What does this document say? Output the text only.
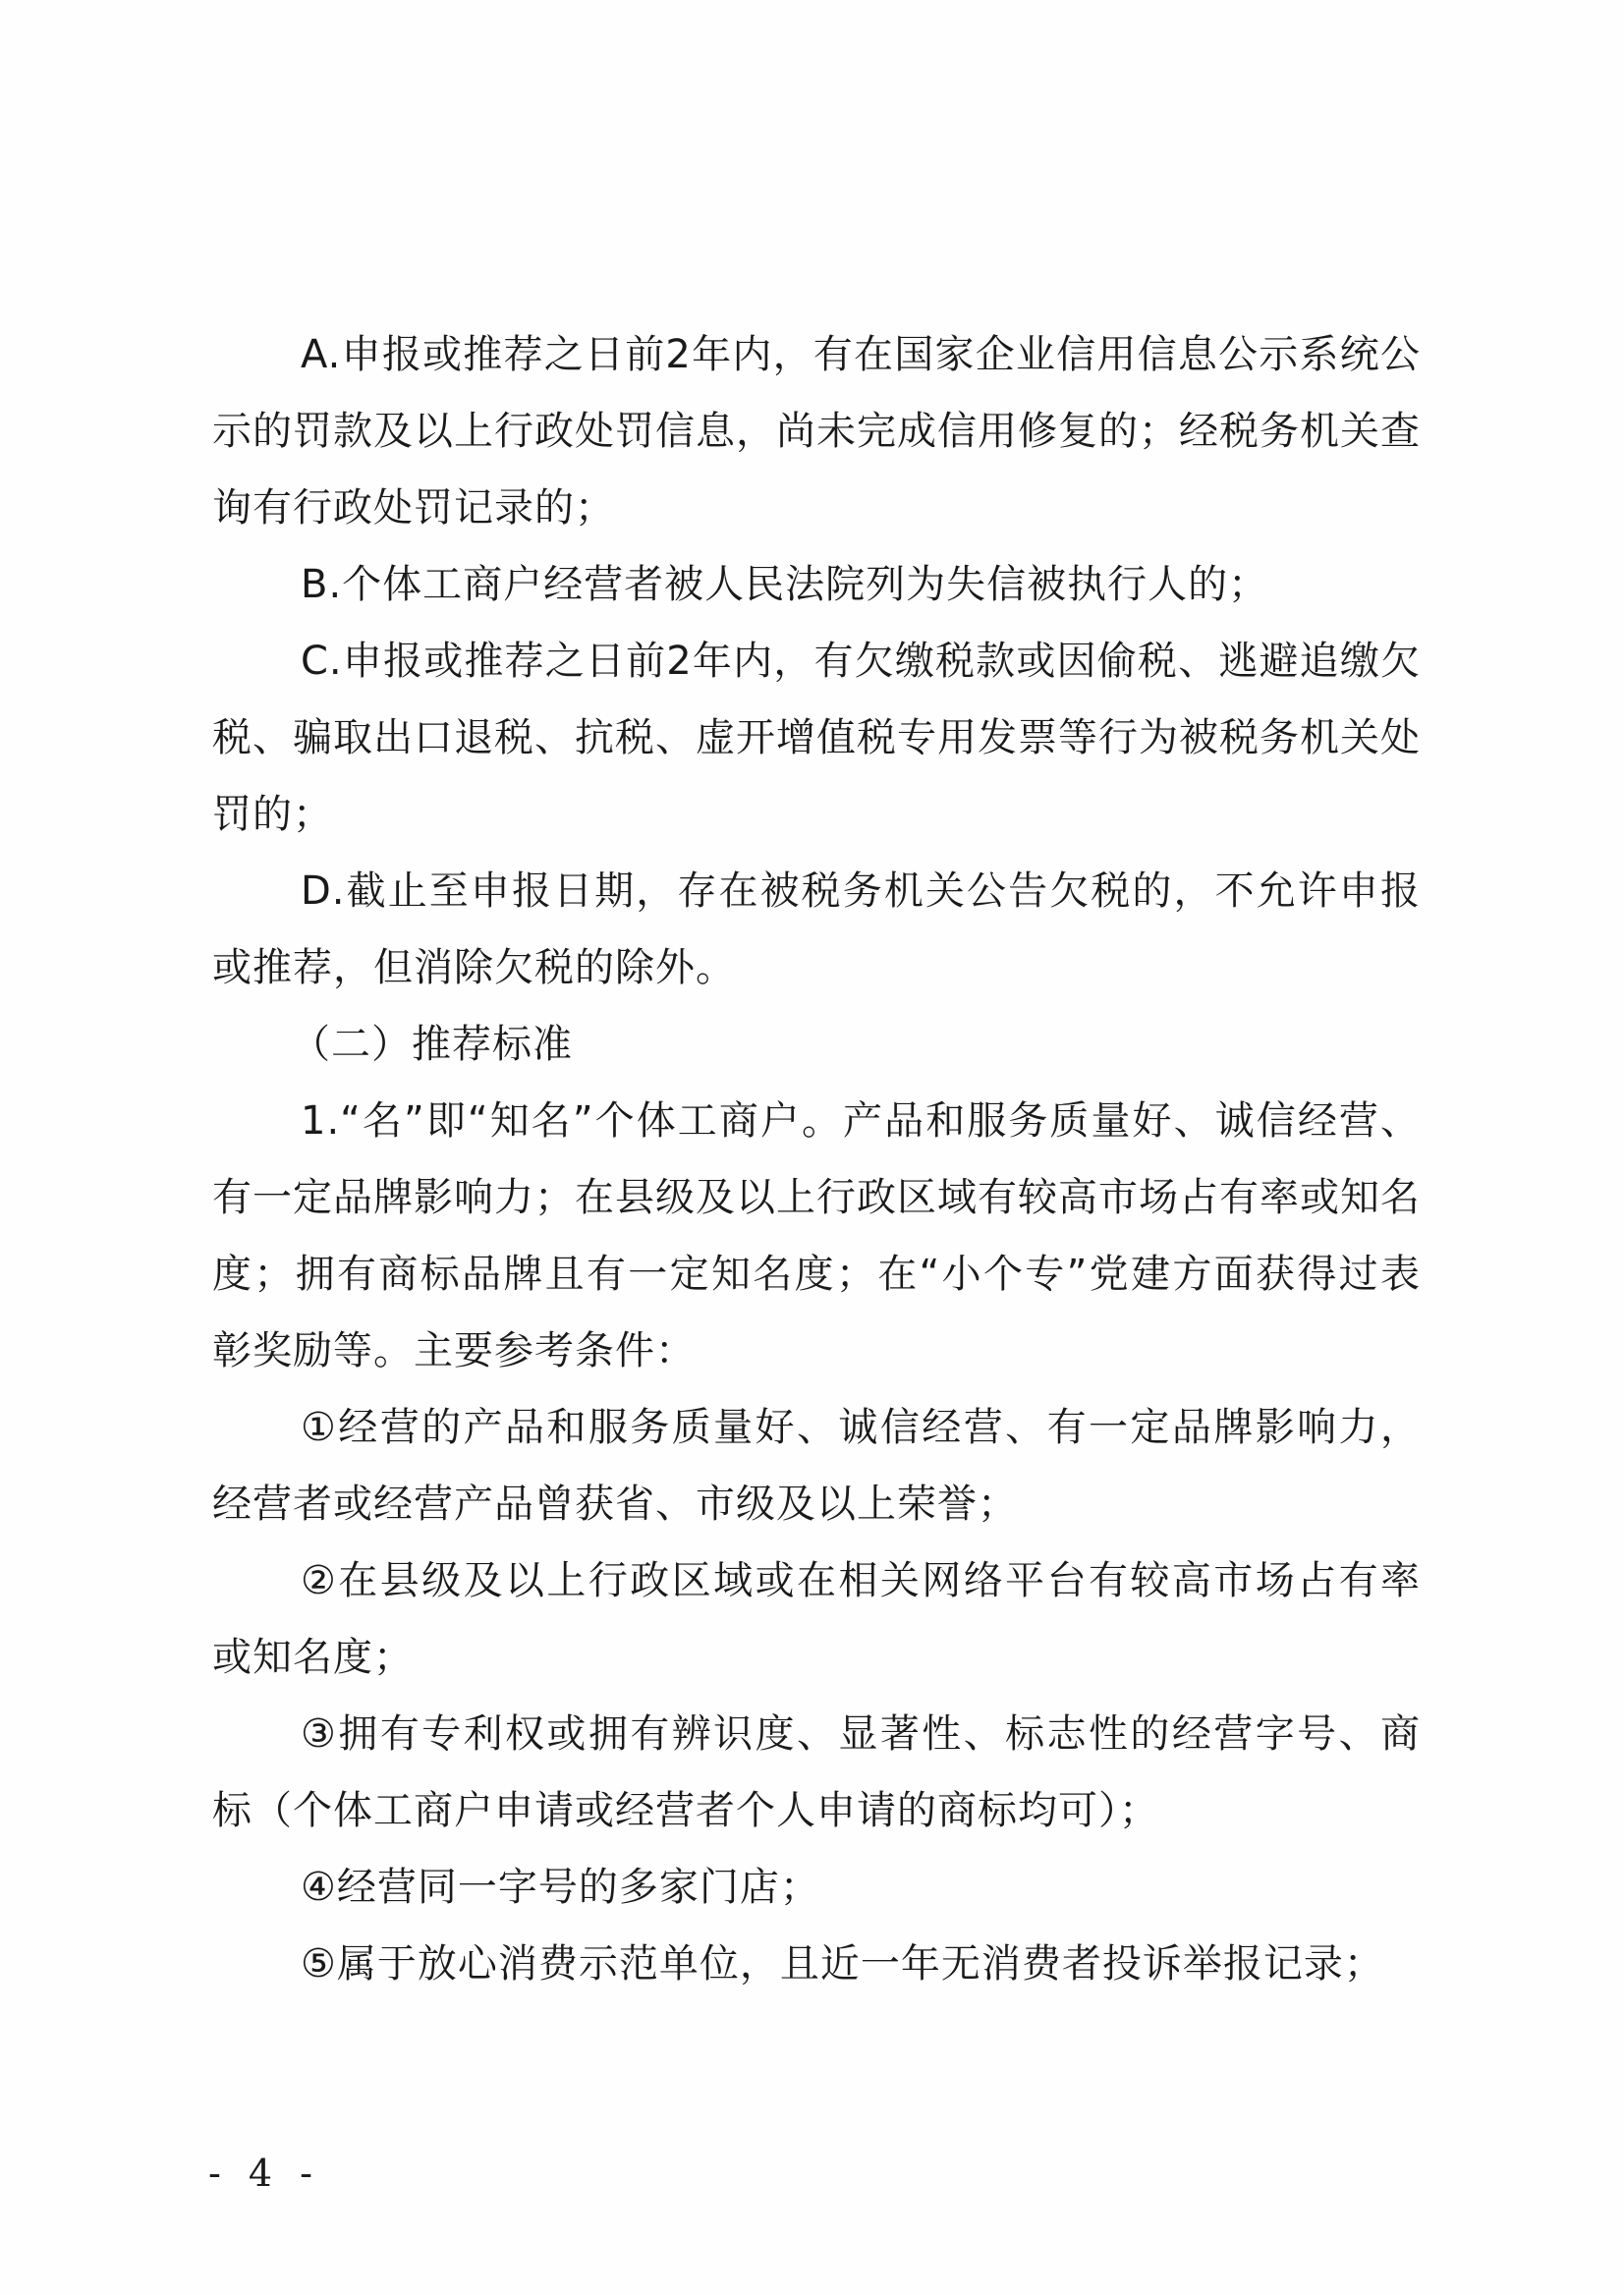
A.申报或推荐之日前2年内，有在国家企业信用信息公示系统公示的罚款及以上行政处罚信息，尚未完成信用修复的；经税务机关查询有行政处罚记录的；

B.个体工商户经营者被人民法院列为失信被执行人的；

C.申报或推荐之日前2年内，有欠缴税款或因偷税、逃避追缴欠税、骗取出口退税、抗税、虚开增值税专用发票等行为被税务机关处罚的；

D.截止至申报日期，存在被税务机关公告欠税的，不允许申报或推荐，但消除欠税的除外。

（二）推荐标准

1.“名”即“知名”个体工商户。产品和服务质量好、诚信经营、有一定品牌影响力；在县级及以上行政区域有较高市场占有率或知名度；拥有商标品牌且有一定知名度；在“小个专”党建方面获得过表彰奖励等。主要参考条件：

①经营的产品和服务质量好、诚信经营、有一定品牌影响力，经营者或经营产品曾获省、市级及以上荣誉；

②在县级及以上行政区域或在相关网络平台有较高市场占有率或知名度；

③拥有专利权或拥有辨识度、显著性、标志性的经营字号、商标（个体工商户申请或经营者个人申请的商标均可）；

④经营同一字号的多家门店；

⑤属于放心消费示范单位，且近一年无消费者投诉举报记录；

- 4 -
